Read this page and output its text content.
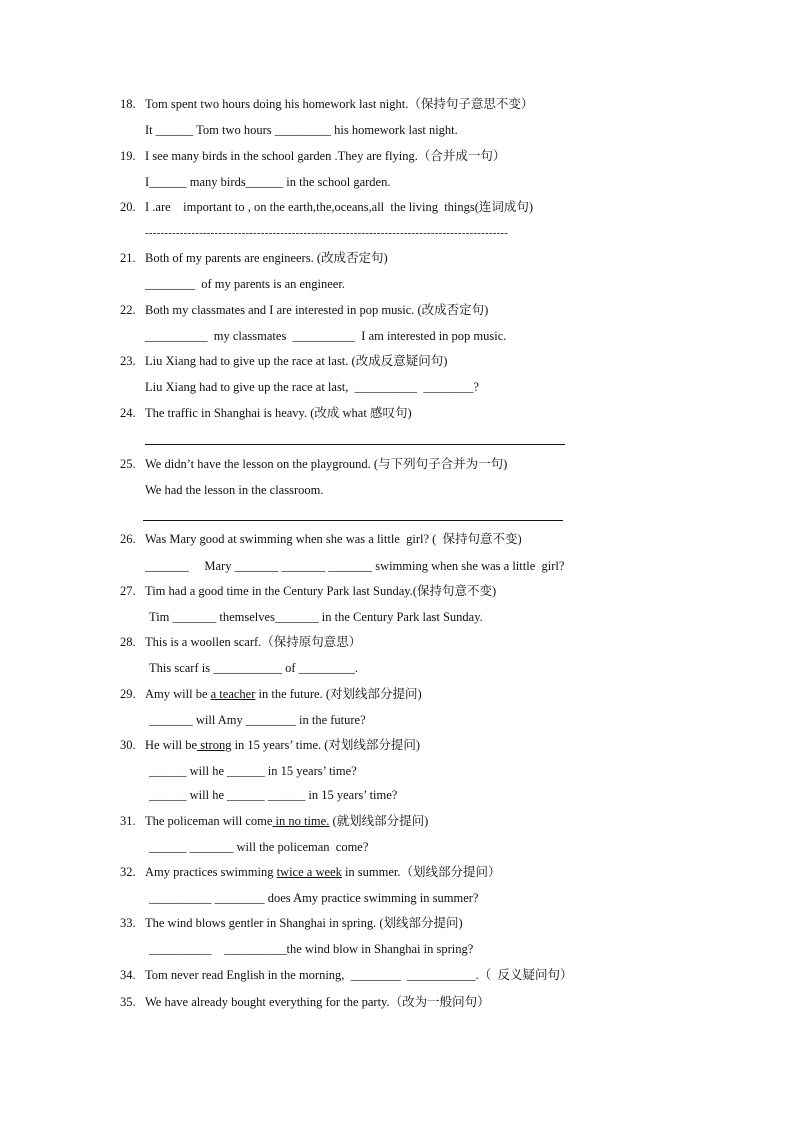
18. Tom spent two hours doing his homework last night.（保持句子意思不变）
It ______ Tom two hours _________ his homework last night.
19. I see many birds in the school garden .They are flying.（合并成一句）
I______ many birds______ in the school garden.
20. I .are    important to , on the earth,the,oceans,all  the living  things(连词成句)
----------------------------------------------------------------------------------------------
21. Both of my parents are engineers. (改成否定句)
________  of my parents is an engineer.
22. Both my classmates and I are interested in pop music. (改成否定句)
__________  my classmates  __________  I am interested in pop music.
23. Liu Xiang had to give up the race at last. (改成反意疑问句)
Liu Xiang had to give up the race at last,  __________  ________?
24. The traffic in Shanghai is heavy. (改成 what 感叹句)
25. We didn’t have the lesson on the playground. (与下列句子合并为一句)
We had the lesson in the classroom.
26. Was Mary good at swimming when she was a little  girl? (  保持句意不变)
_______     Mary _______ _______ _______ swimming when she was a little  girl?
27. Tim had a good time in the Century Park last Sunday.(保持句意不变)
Tim _______ themselves_______ in the Century Park last Sunday.
28. This is a woollen scarf.（保持原句意思）
This scarf is ___________ of _________.
29. Amy will be a teacher in the future. (对划线部分提问)
_______ will Amy ________ in the future?
30. He will be strong in 15 years’ time. (对划线部分提问)
______ will he ______ in 15 years’ time?
______ will he ______ ______ in 15 years’ time?
31. The policeman will come in no time. (就划线部分提问)
______ _______ will the policeman  come?
32. Amy practices swimming twice a week in summer.（划线部分提问）
__________ ________ does Amy practice swimming in summer?
33. The wind blows gentler in Shanghai in spring. (划线部分提问)
__________    __________the wind blow in Shanghai in spring?
34. Tom never read English in the morning,  ________  ___________.（  反义疑问句）
35. We have already bought everything for the party.（改为一般问句）
